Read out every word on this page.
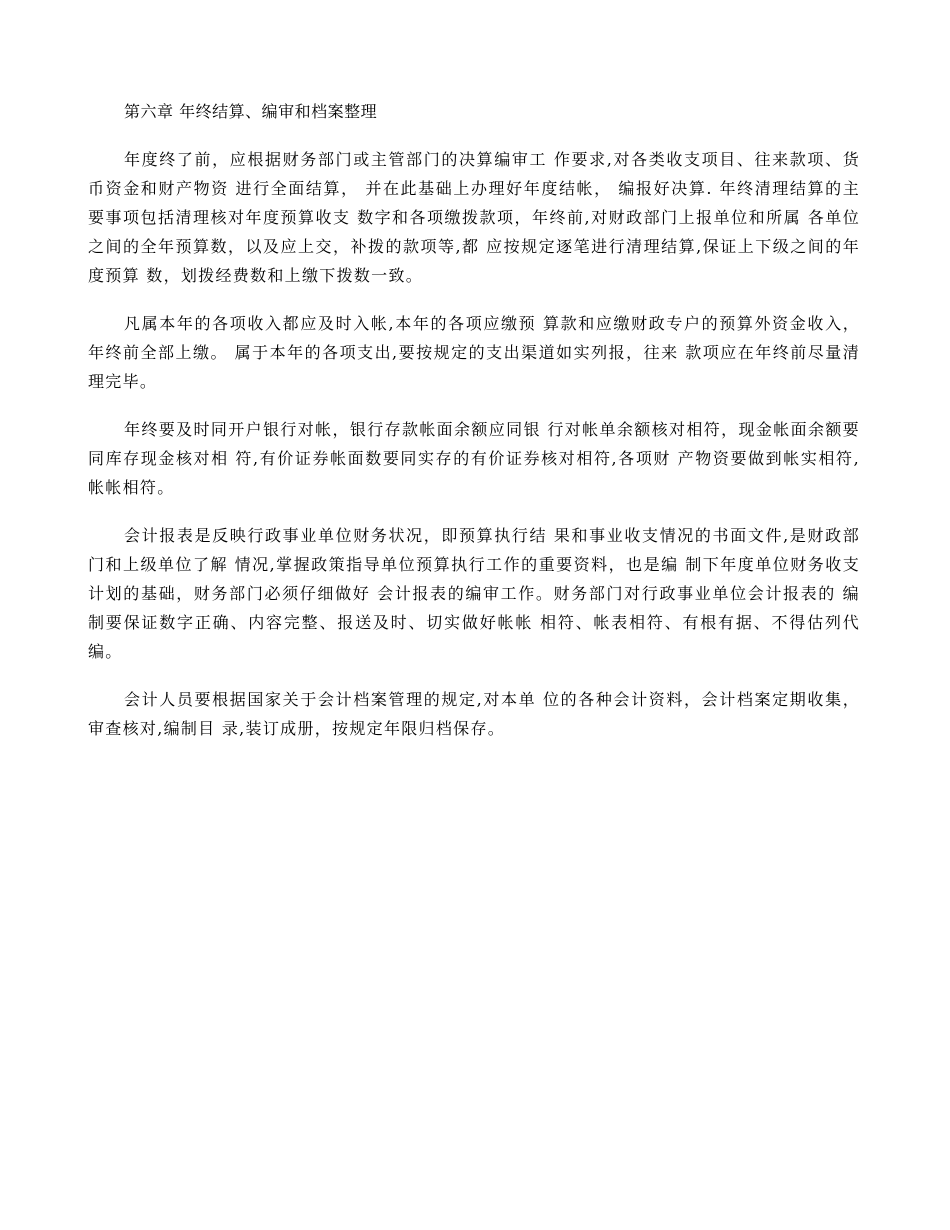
第六章 年终结算、编审和档案整理

年度终了前，应根据财务部门或主管部门的决算编审工 作要求,对各类收支项目、往来款项、货币资金和财产物资 进行全面结算， 并在此基础上办理好年度结帐， 编报好决算. 年终清理结算的主要事项包括清理核对年度预算收支 数字和各项缴拨款项，年终前,对财政部门上报单位和所属 各单位之间的全年预算数，以及应上交，补拨的款项等,都 应按规定逐笔进行清理结算,保证上下级之间的年度预算 数，划拨经费数和上缴下拨数一致。

凡属本年的各项收入都应及时入帐,本年的各项应缴预 算款和应缴财政专户的预算外资金收入，年终前全部上缴。 属于本年的各项支出,要按规定的支出渠道如实列报，往来 款项应在年终前尽量清理完毕。

年终要及时同开户银行对帐，银行存款帐面余额应同银 行对帐单余额核对相符，现金帐面余额要同库存现金核对相 符,有价证券帐面数要同实存的有价证券核对相符,各项财 产物资要做到帐实相符,帐帐相符。

会计报表是反映行政事业单位财务状况，即预算执行结 果和事业收支情况的书面文件,是财政部门和上级单位了解 情况,掌握政策指导单位预算执行工作的重要资料，也是编 制下年度单位财务收支计划的基础，财务部门必须仔细做好 会计报表的编审工作。财务部门对行政事业单位会计报表的 编制要保证数字正确、内容完整、报送及时、切实做好帐帐 相符、帐表相符、有根有据、不得估列代编。

会计人员要根据国家关于会计档案管理的规定,对本单 位的各种会计资料，会计档案定期收集，审查核对,编制目 录,装订成册，按规定年限归档保存。
